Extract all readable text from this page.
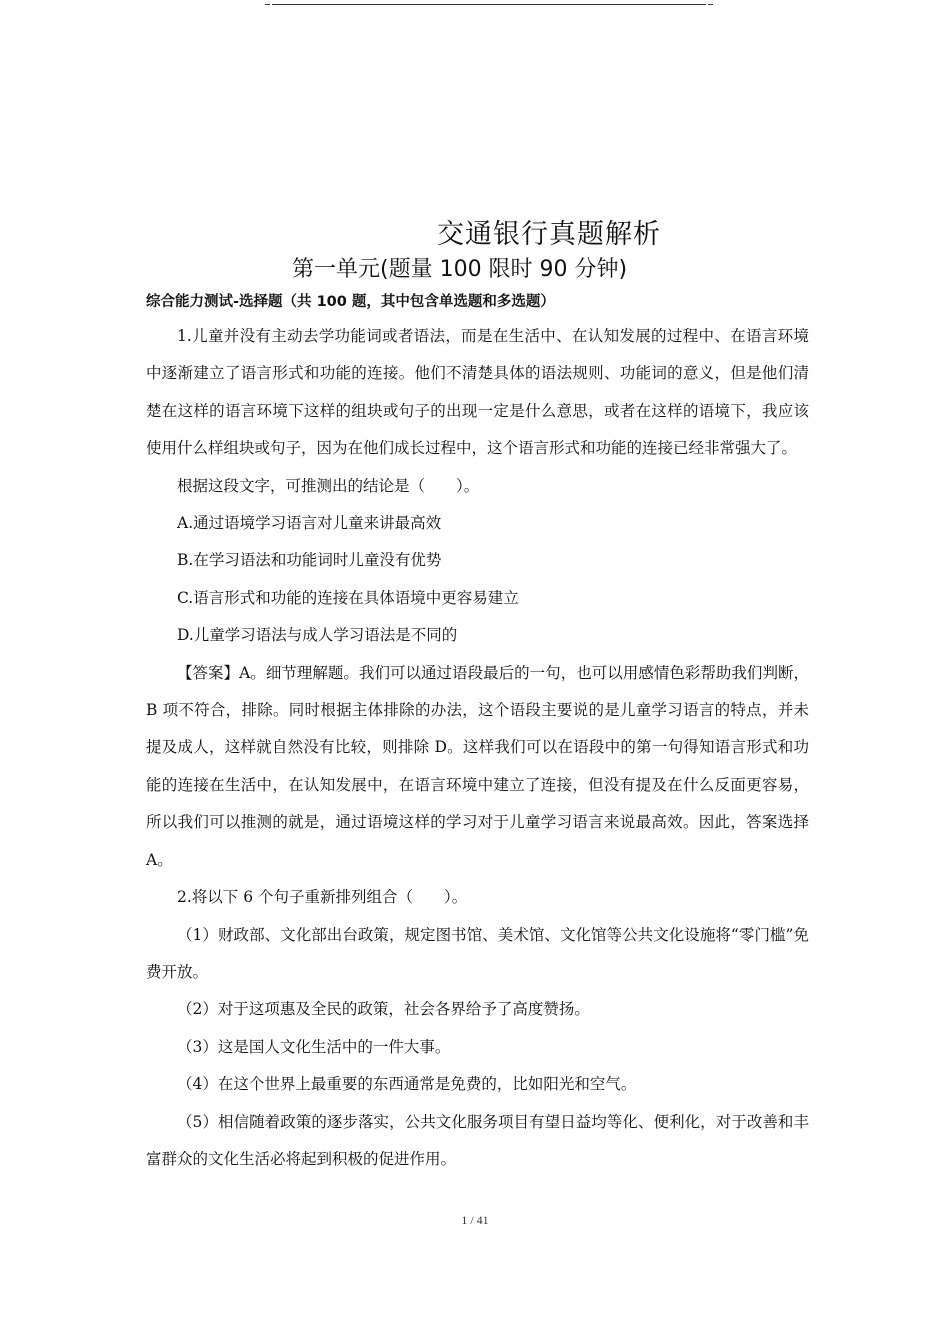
交通银行真题解析
第一单元(题量 100 限时 90 分钟)
综合能力测试-选择题（共 100 题，其中包含单选题和多选题）

1.儿童并没有主动去学功能词或者语法，而是在生活中、在认知发展的过程中、在语言环境中逐渐建立了语言形式和功能的连接。他们不清楚具体的语法规则、功能词的意义，但是他们清楚在这样的语言环境下这样的组块或句子的出现一定是什么意思，或者在这样的语境下，我应该使用什么样组块或句子，因为在他们成长过程中，这个语言形式和功能的连接已经非常强大了。

根据这段文字，可推测出的结论是（　　）。

A.通过语境学习语言对儿童来讲最高效

B.在学习语法和功能词时儿童没有优势

C.语言形式和功能的连接在具体语境中更容易建立

D.儿童学习语法与成人学习语法是不同的

【答案】A。细节理解题。我们可以通过语段最后的一句，也可以用感情色彩帮助我们判断，B 项不符合，排除。同时根据主体排除的办法，这个语段主要说的是儿童学习语言的特点，并未提及成人，这样就自然没有比较，则排除 D。这样我们可以在语段中的第一句得知语言形式和功能的连接在生活中，在认知发展中，在语言环境中建立了连接，但没有提及在什么反面更容易，所以我们可以推测的就是，通过语境这样的学习对于儿童学习语言来说最高效。因此，答案选择 A。

2.将以下 6 个句子重新排列组合（　　）。

（1）财政部、文化部出台政策，规定图书馆、美术馆、文化馆等公共文化设施将“零门槛”免费开放。

（2）对于这项惠及全民的政策，社会各界给予了高度赞扬。

（3）这是国人文化生活中的一件大事。

（4）在这个世界上最重要的东西通常是免费的，比如阳光和空气。

（5）相信随着政策的逐步落实，公共文化服务项目有望日益均等化、便利化，对于改善和丰富群众的文化生活必将起到积极的促进作用。

1 / 41
